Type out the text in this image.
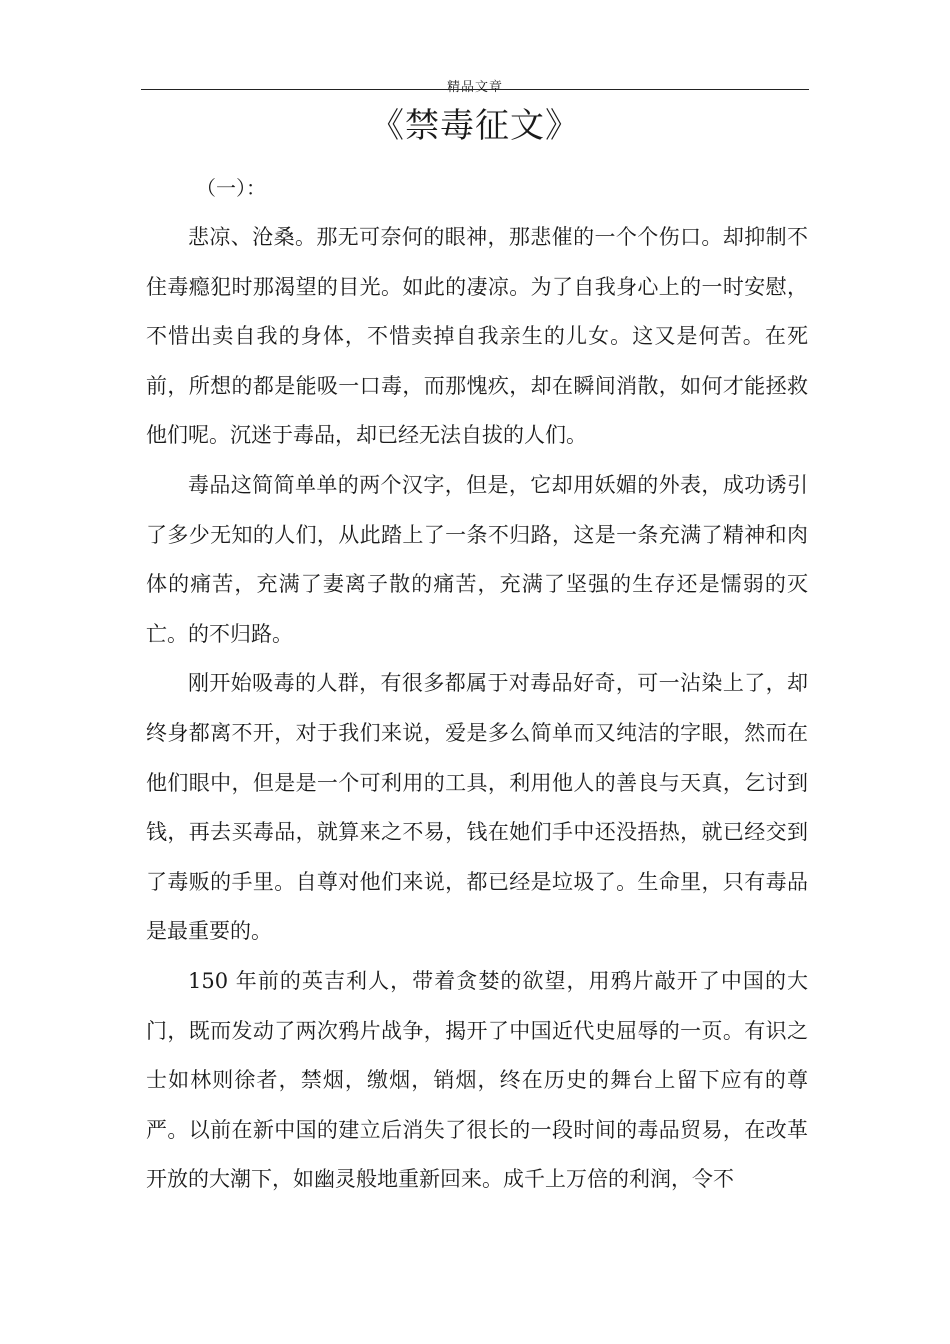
精品文章
《禁毒征文》
（一）：

悲凉、沧桑。那无可奈何的眼神，那悲催的一个个伤口。却抑制不住毒瘾犯时那渴望的目光。如此的凄凉。为了自我身心上的一时安慰，不惜出卖自我的身体，不惜卖掉自我亲生的儿女。这又是何苦。在死前，所想的都是能吸一口毒，而那愧疚，却在瞬间消散，如何才能拯救他们呢。沉迷于毒品，却已经无法自拔的人们。

毒品这简简单单的两个汉字，但是，它却用妖媚的外表，成功诱引了多少无知的人们，从此踏上了一条不归路，这是一条充满了精神和肉体的痛苦，充满了妻离子散的痛苦，充满了坚强的生存还是懦弱的灭亡。的不归路。

刚开始吸毒的人群，有很多都属于对毒品好奇，可一沾染上了，却终身都离不开，对于我们来说，爱是多么简单而又纯洁的字眼，然而在他们眼中，但是是一个可利用的工具，利用他人的善良与天真，乞讨到钱，再去买毒品，就算来之不易，钱在她们手中还没捂热，就已经交到了毒贩的手里。自尊对他们来说，都已经是垃圾了。生命里，只有毒品是最重要的。

150 年前的英吉利人，带着贪婪的欲望，用鸦片敲开了中国的大门，既而发动了两次鸦片战争，揭开了中国近代史屈辱的一页。有识之士如林则徐者，禁烟，缴烟，销烟，终在历史的舞台上留下应有的尊严。以前在新中国的建立后消失了很长的一段时间的毒品贸易，在改革开放的大潮下，如幽灵般地重新回来。成千上万倍的利润，令不
